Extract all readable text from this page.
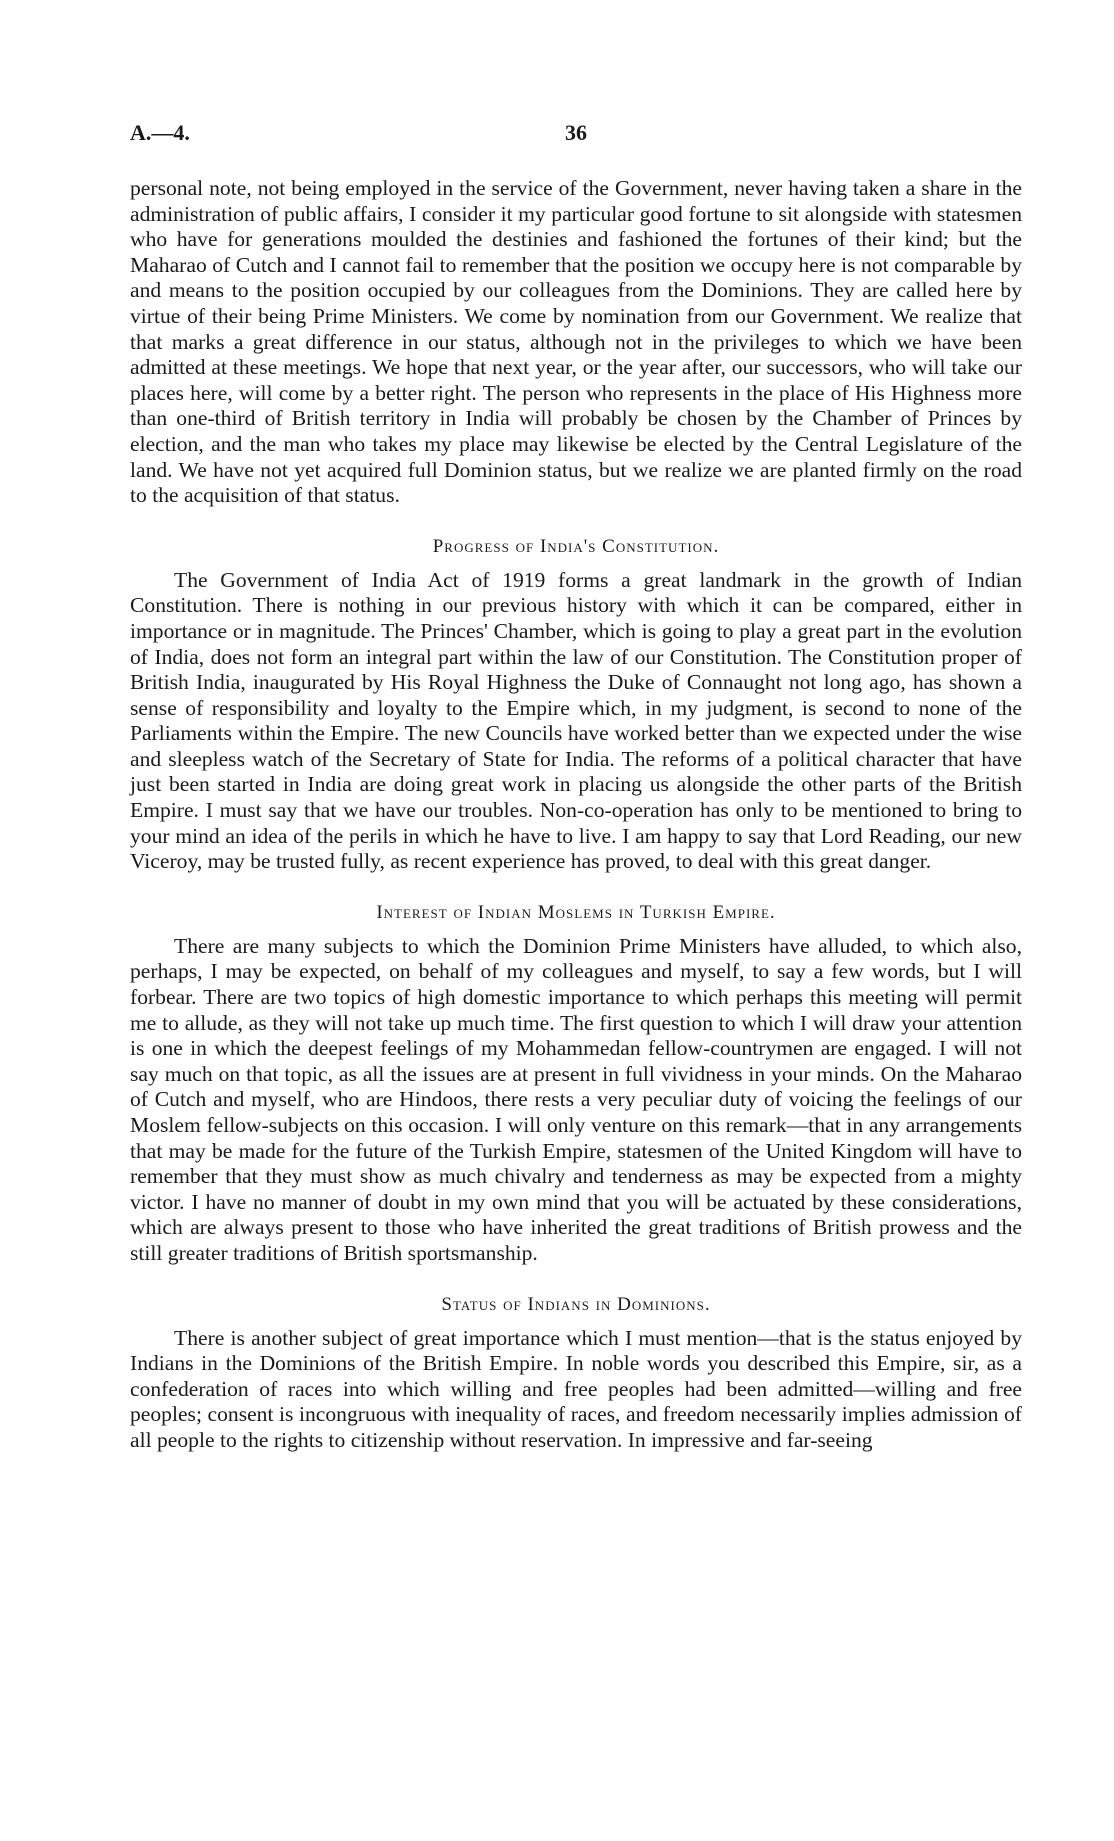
A.—4.	36

personal note, not being employed in the service of the Government, never having taken a share in the administration of public affairs, I consider it my particular good fortune to sit alongside with statesmen who have for generations moulded the destinies and fashioned the fortunes of their kind; but the Maharao of Cutch and I cannot fail to remember that the position we occupy here is not comparable by and means to the position occupied by our colleagues from the Dominions. They are called here by virtue of their being Prime Ministers. We come by nomination from our Government. We realize that that marks a great difference in our status, although not in the privileges to which we have been admitted at these meetings. We hope that next year, or the year after, our successors, who will take our places here, will come by a better right. The person who represents in the place of His Highness more than one-third of British territory in India will probably be chosen by the Chamber of Princes by election, and the man who takes my place may likewise be elected by the Central Legislature of the land. We have not yet acquired full Dominion status, but we realize we are planted firmly on the road to the acquisition of that status.

Progress of India's Constitution.

The Government of India Act of 1919 forms a great landmark in the growth of Indian Constitution. There is nothing in our previous history with which it can be compared, either in importance or in magnitude. The Princes' Chamber, which is going to play a great part in the evolution of India, does not form an integral part within the law of our Constitution. The Constitution proper of British India, inaugurated by His Royal Highness the Duke of Connaught not long ago, has shown a sense of responsibility and loyalty to the Empire which, in my judgment, is second to none of the Parliaments within the Empire. The new Councils have worked better than we expected under the wise and sleepless watch of the Secretary of State for India. The reforms of a political character that have just been started in India are doing great work in placing us alongside the other parts of the British Empire. I must say that we have our troubles. Non-co-operation has only to be mentioned to bring to your mind an idea of the perils in which he have to live. I am happy to say that Lord Reading, our new Viceroy, may be trusted fully, as recent experience has proved, to deal with this great danger.

Interest of Indian Moslems in Turkish Empire.

There are many subjects to which the Dominion Prime Ministers have alluded, to which also, perhaps, I may be expected, on behalf of my colleagues and myself, to say a few words, but I will forbear. There are two topics of high domestic importance to which perhaps this meeting will permit me to allude, as they will not take up much time. The first question to which I will draw your attention is one in which the deepest feelings of my Mohammedan fellow-countrymen are engaged. I will not say much on that topic, as all the issues are at present in full vividness in your minds. On the Maharao of Cutch and myself, who are Hindoos, there rests a very peculiar duty of voicing the feelings of our Moslem fellow-subjects on this occasion. I will only venture on this remark—that in any arrangements that may be made for the future of the Turkish Empire, statesmen of the United Kingdom will have to remember that they must show as much chivalry and tenderness as may be expected from a mighty victor. I have no manner of doubt in my own mind that you will be actuated by these considerations, which are always present to those who have inherited the great traditions of British prowess and the still greater traditions of British sportsmanship.

Status of Indians in Dominions.

There is another subject of great importance which I must mention—that is the status enjoyed by Indians in the Dominions of the British Empire. In noble words you described this Empire, sir, as a confederation of races into which willing and free peoples had been admitted—willing and free peoples; consent is incongruous with inequality of races, and freedom necessarily implies admission of all people to the rights to citizenship without reservation. In impressive and far-seeing
